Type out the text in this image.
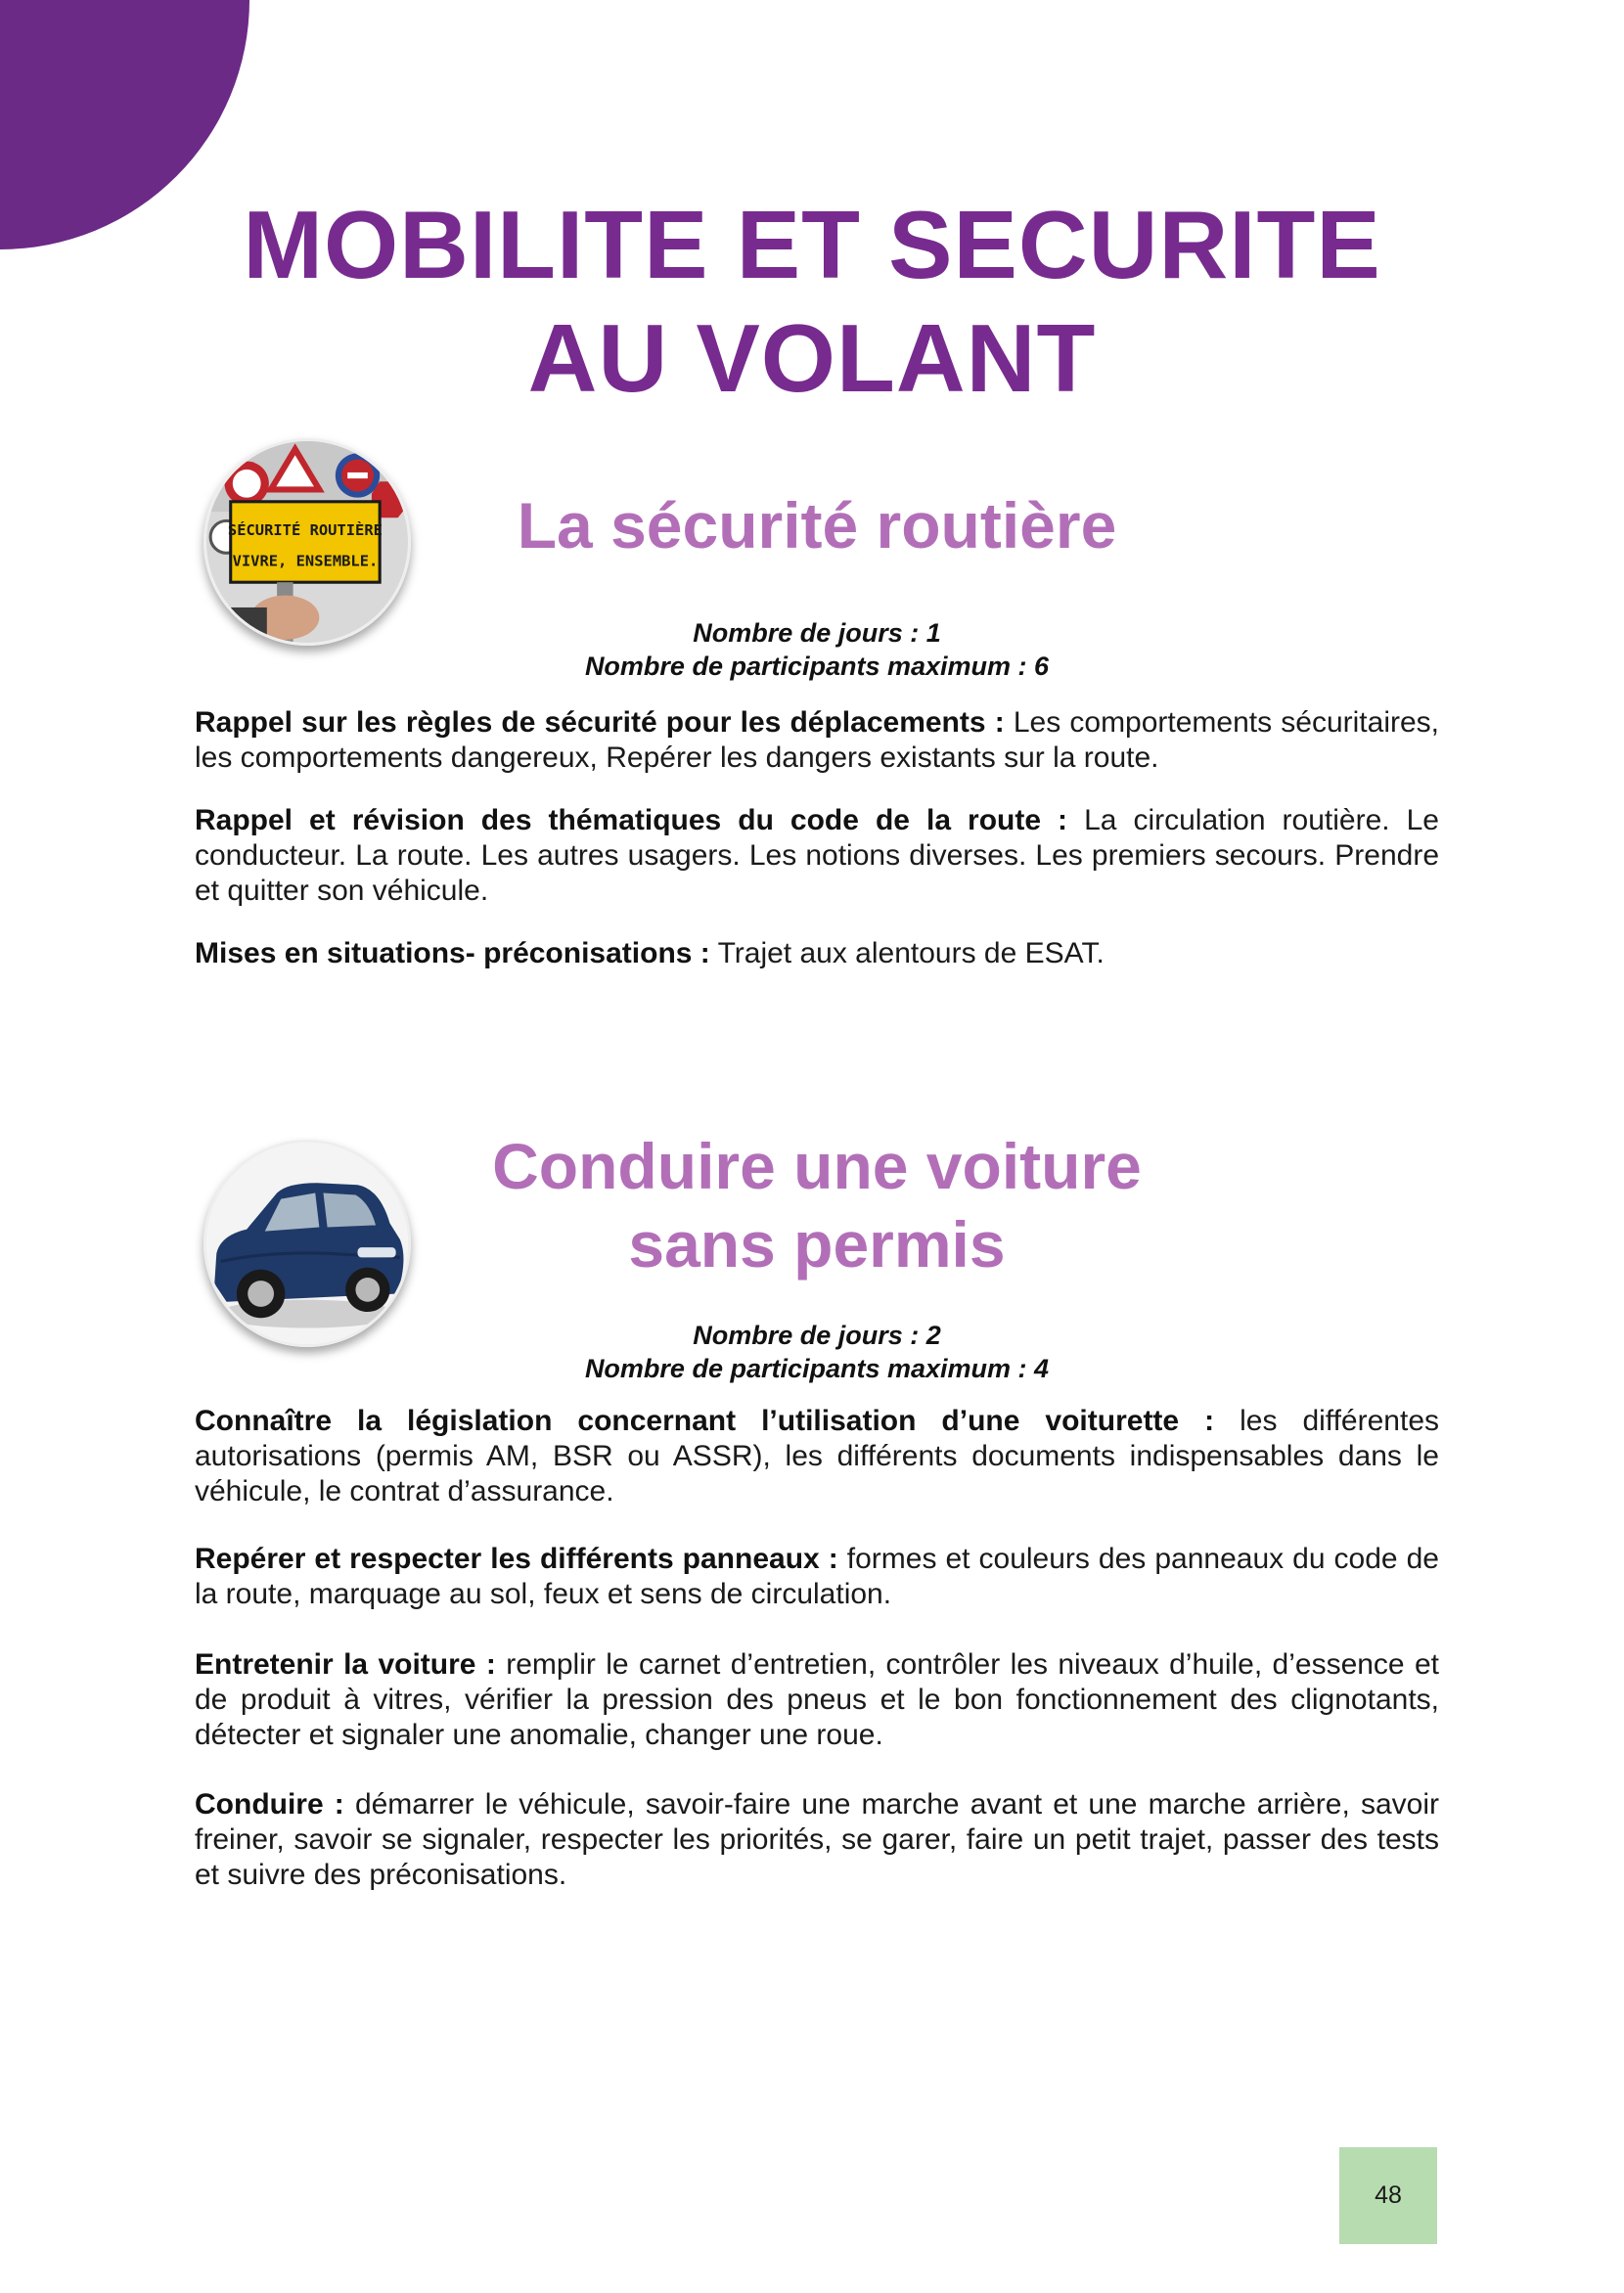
MOBILITE ET SECURITE
AU VOLANT
SÉCURITÉ ROUTIÈRE
VIVRE, ENSEMBLE.	La sécurité routière
Nombre de jours : 1
Nombre de participants maximum : 6
Rappel sur les règles de sécurité pour les déplacements : Les comportements sécuritaires, les comportements dangereux, Repérer les dangers existants sur la route.
Rappel et révision des thématiques du code de la route : La circulation routière. Le conducteur. La route. Les autres usagers. Les notions diverses. Les premiers secours. Prendre et quitter son véhicule.
Mises en situations- préconisations : Trajet aux alentours de ESAT.
Conduire une voiture
sans permis
Nombre de jours : 2
Nombre de participants maximum : 4
Connaître la législation concernant l’utilisation d’une voiturette : les différentes autorisations (permis AM, BSR ou ASSR), les différents documents indispensables dans le véhicule, le contrat d’assurance.
Repérer et respecter les différents panneaux : formes et couleurs des panneaux du code de la route, marquage au sol, feux et sens de circulation.
Entretenir la voiture : remplir le carnet d’entretien, contrôler les niveaux d’huile, d’essence et de produit à vitres, vérifier la pression des pneus et le bon fonctionnement des clignotants, détecter et signaler une anomalie, changer une roue.
Conduire : démarrer le véhicule, savoir-faire une marche avant et une marche arrière, savoir freiner, savoir se signaler, respecter les priorités, se garer, faire un petit trajet, passer des tests et suivre des préconisations.
48
